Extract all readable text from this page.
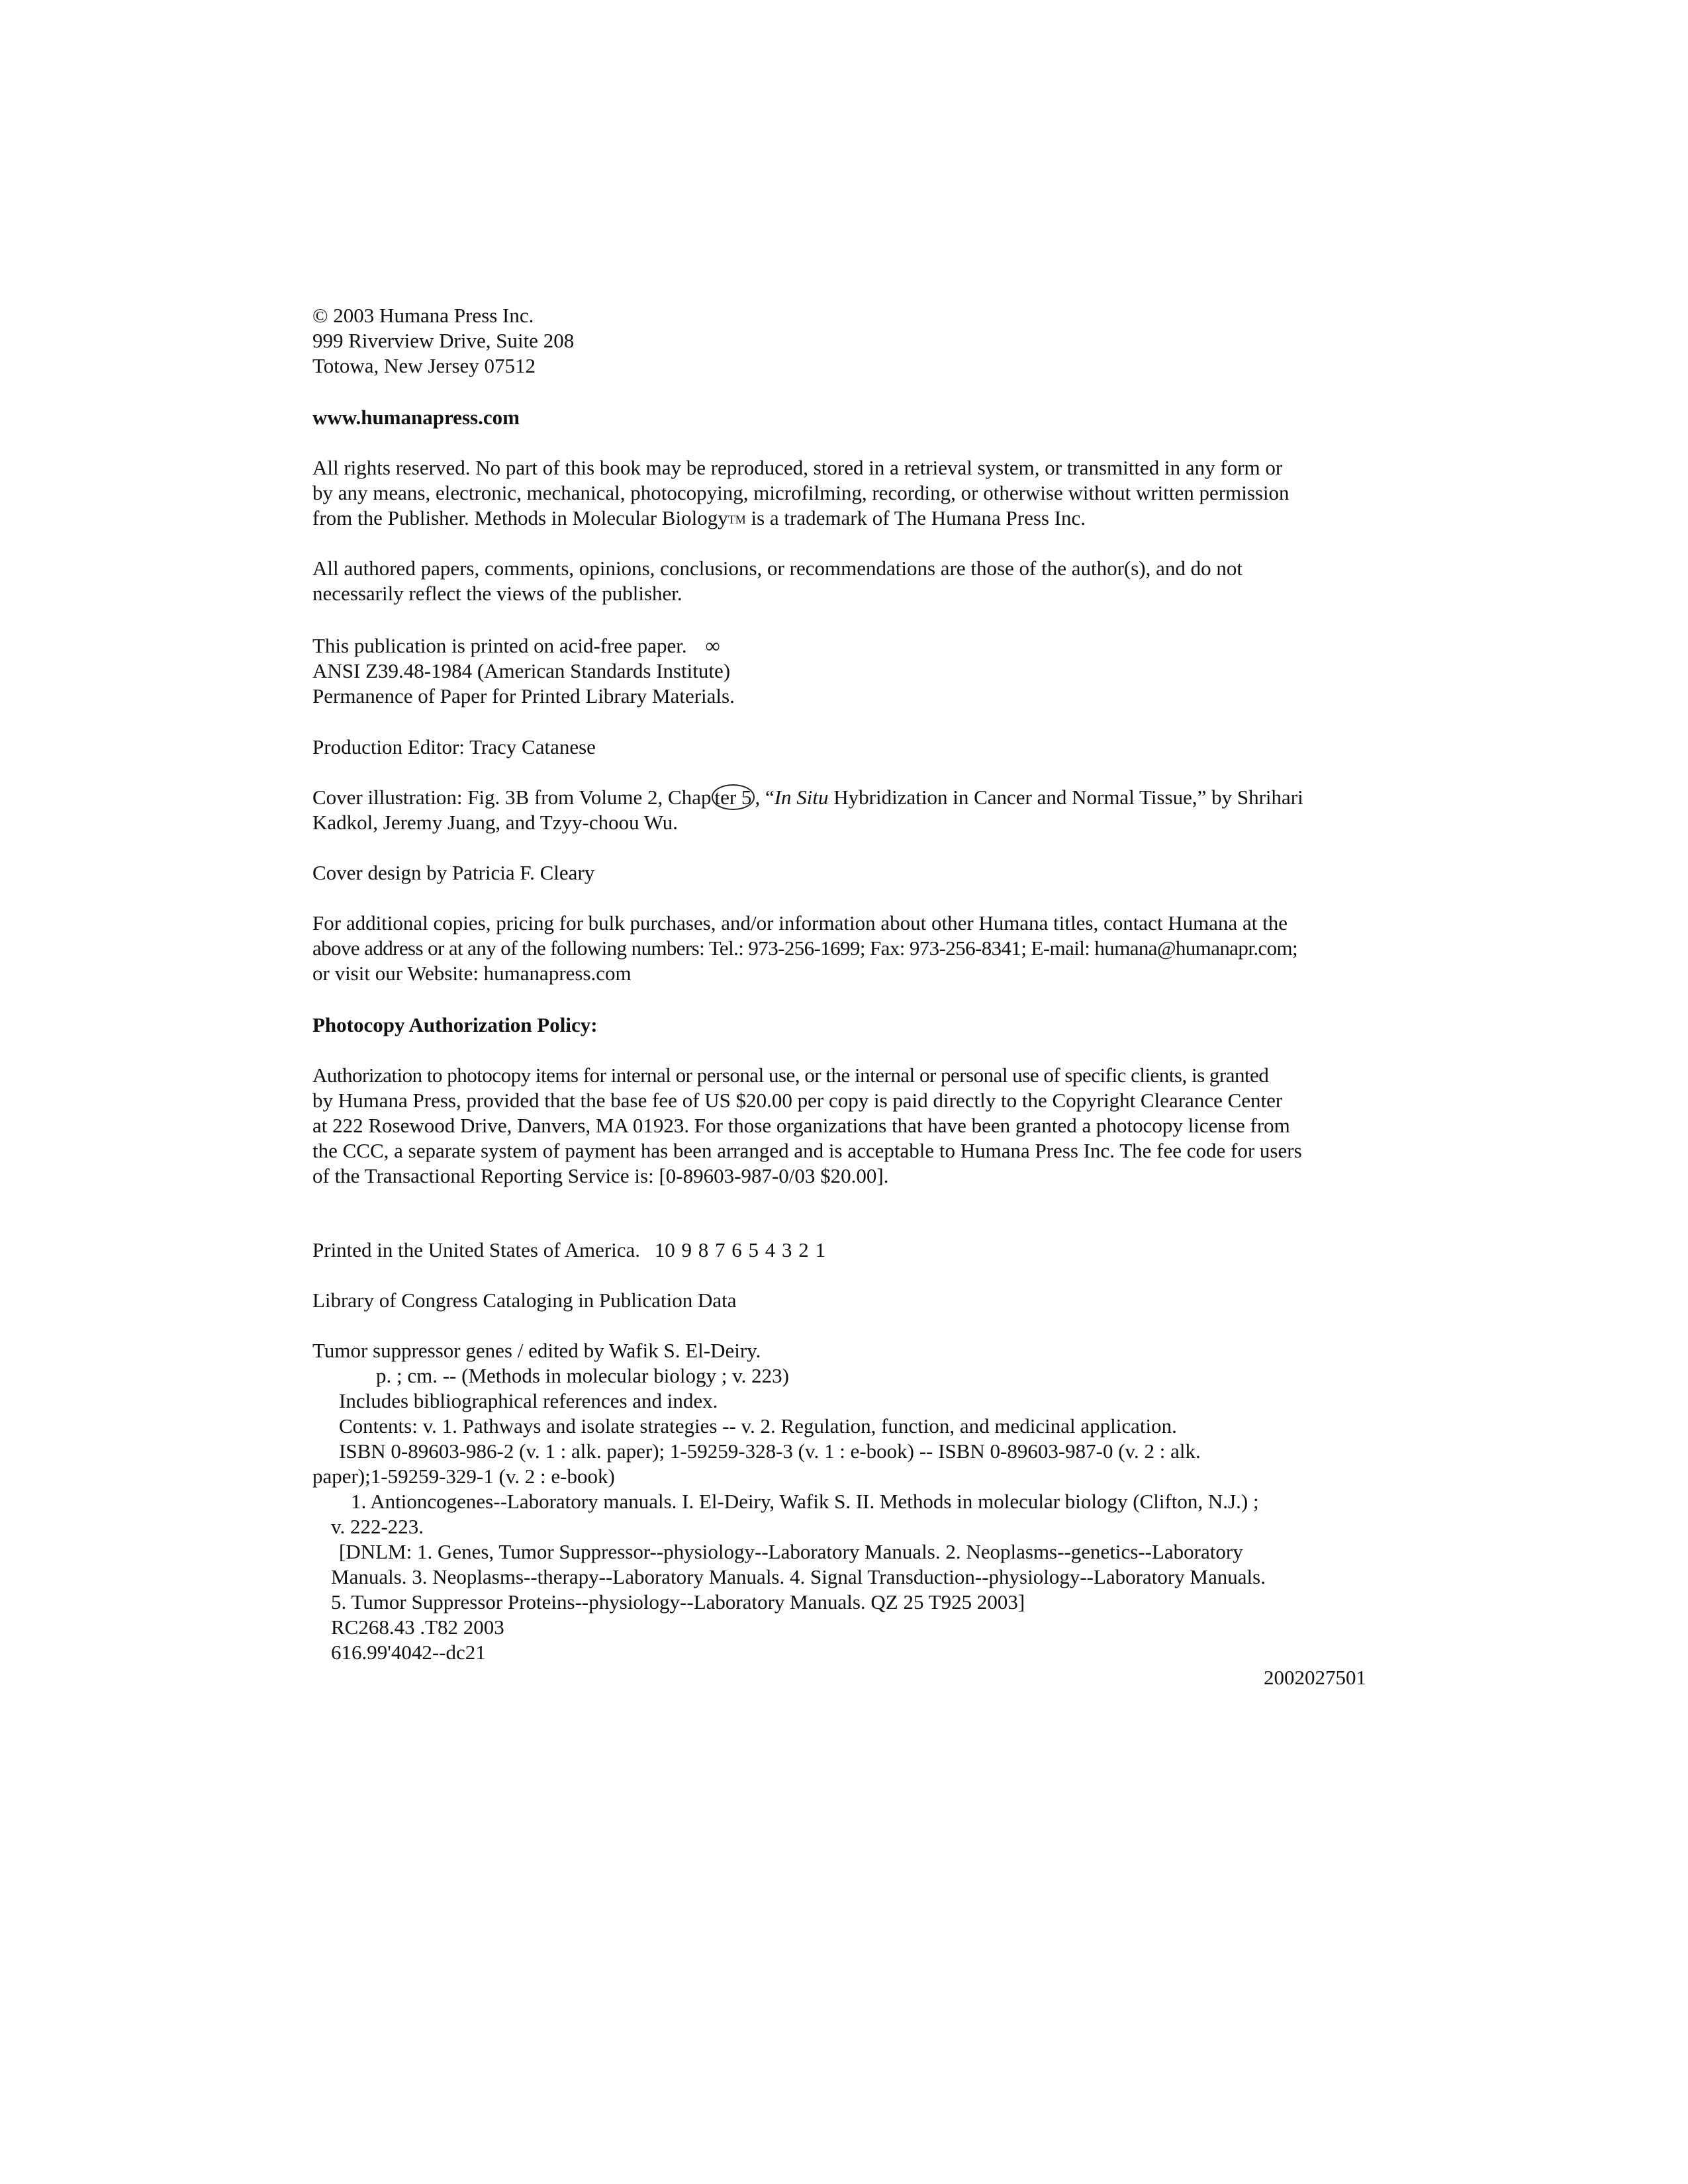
© 2003 Humana Press Inc.
999 Riverview Drive, Suite 208
Totowa, New Jersey 07512
www.humanapress.com
All rights reserved. No part of this book may be reproduced, stored in a retrieval system, or transmitted in any form or
by any means, electronic, mechanical, photocopying, microfilming, recording, or otherwise without written permission
from the Publisher. Methods in Molecular BiologyTM is a trademark of The Humana Press Inc.
All authored papers, comments, opinions, conclusions, or recommendations are those of the author(s), and do not
necessarily reflect the views of the publisher.
This publication is printed on acid-free paper. ∞
ANSI Z39.48-1984 (American Standards Institute)
Permanence of Paper for Printed Library Materials.
Production Editor: Tracy Catanese
Cover illustration: Fig. 3B from Volume 2, Chap ter 5 , “In Situ Hybridization in Cancer and Normal Tissue,” by Shrihari
Kadkol, Jeremy Juang, and Tzyy-choou Wu.
Cover design by Patricia F. Cleary
For additional copies, pricing for bulk purchases, and/or information about other Humana titles, contact Humana at the
above address or at any of the following numbers: Tel.: 973-256-1699; Fax: 973-256-8341; E-mail: humana@humanapr.com;
or visit our Website: humanapress.com
Photocopy Authorization Policy:
Authorization to photocopy items for internal or personal use, or the internal or personal use of specific clients, is granted
by Humana Press, provided that the base fee of US $20.00 per copy is paid directly to the Copyright Clearance Center
at 222 Rosewood Drive, Danvers, MA 01923. For those organizations that have been granted a photocopy license from
the CCC, a separate system of payment has been arranged and is acceptable to Humana Press Inc. The fee code for users
of the Transactional Reporting Service is: [0-89603-987-0/03 $20.00].
Printed in the United States of America. 10 9 8 7 6 5 4 3 2 1
Library of Congress Cataloging in Publication Data
Tumor suppressor genes / edited by Wafik S. El-Deiry.
p. ; cm. -- (Methods in molecular biology ; v. 223)
Includes bibliographical references and index.
Contents: v. 1. Pathways and isolate strategies -- v. 2. Regulation, function, and medicinal application.
ISBN 0-89603-986-2 (v. 1 : alk. paper); 1-59259-328-3 (v. 1 : e-book) -- ISBN 0-89603-987-0 (v. 2 : alk.
paper);1-59259-329-1 (v. 2 : e-book)
1. Antioncogenes--Laboratory manuals. I. El-Deiry, Wafik S. II. Methods in molecular biology (Clifton, N.J.) ;
v. 222-223.
[DNLM: 1. Genes, Tumor Suppressor--physiology--Laboratory Manuals. 2. Neoplasms--genetics--Laboratory
Manuals. 3. Neoplasms--therapy--Laboratory Manuals. 4. Signal Transduction--physiology--Laboratory Manuals.
5. Tumor Suppressor Proteins--physiology--Laboratory Manuals. QZ 25 T925 2003]
RC268.43 .T82 2003
616.99'4042--dc21
2002027501
